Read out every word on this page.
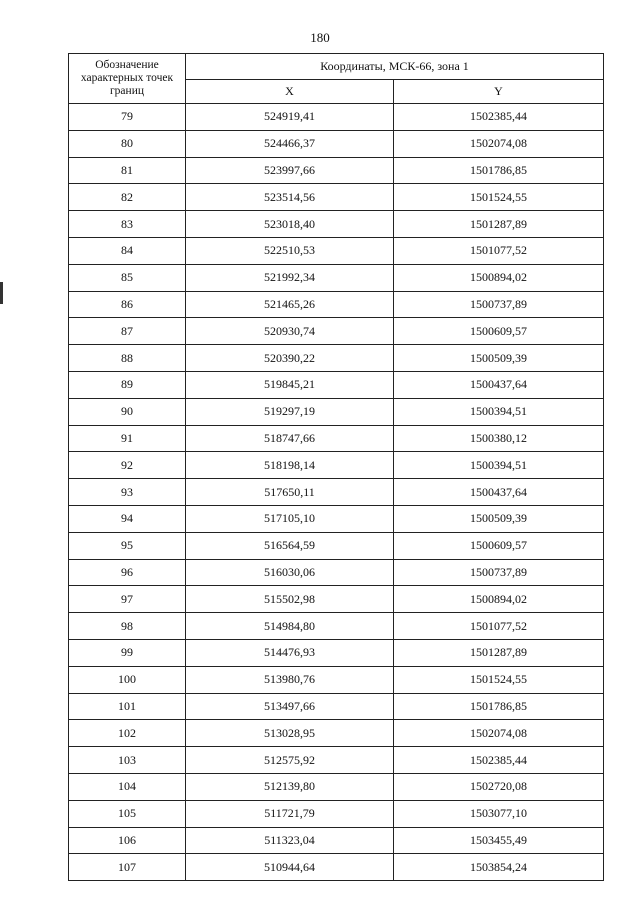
180
Обозначение характерных точек границ	Координаты, МСК-66, зона 1	
	X	Y
79	524919,41	1502385,44
80	524466,37	1502074,08
81	523997,66	1501786,85
82	523514,56	1501524,55
83	523018,40	1501287,89
84	522510,53	1501077,52
85	521992,34	1500894,02
86	521465,26	1500737,89
87	520930,74	1500609,57
88	520390,22	1500509,39
89	519845,21	1500437,64
90	519297,19	1500394,51
91	518747,66	1500380,12
92	518198,14	1500394,51
93	517650,11	1500437,64
94	517105,10	1500509,39
95	516564,59	1500609,57
96	516030,06	1500737,89
97	515502,98	1500894,02
98	514984,80	1501077,52
99	514476,93	1501287,89
100	513980,76	1501524,55
101	513497,66	1501786,85
102	513028,95	1502074,08
103	512575,92	1502385,44
104	512139,80	1502720,08
105	511721,79	1503077,10
106	511323,04	1503455,49
107	510944,64	1503854,24
